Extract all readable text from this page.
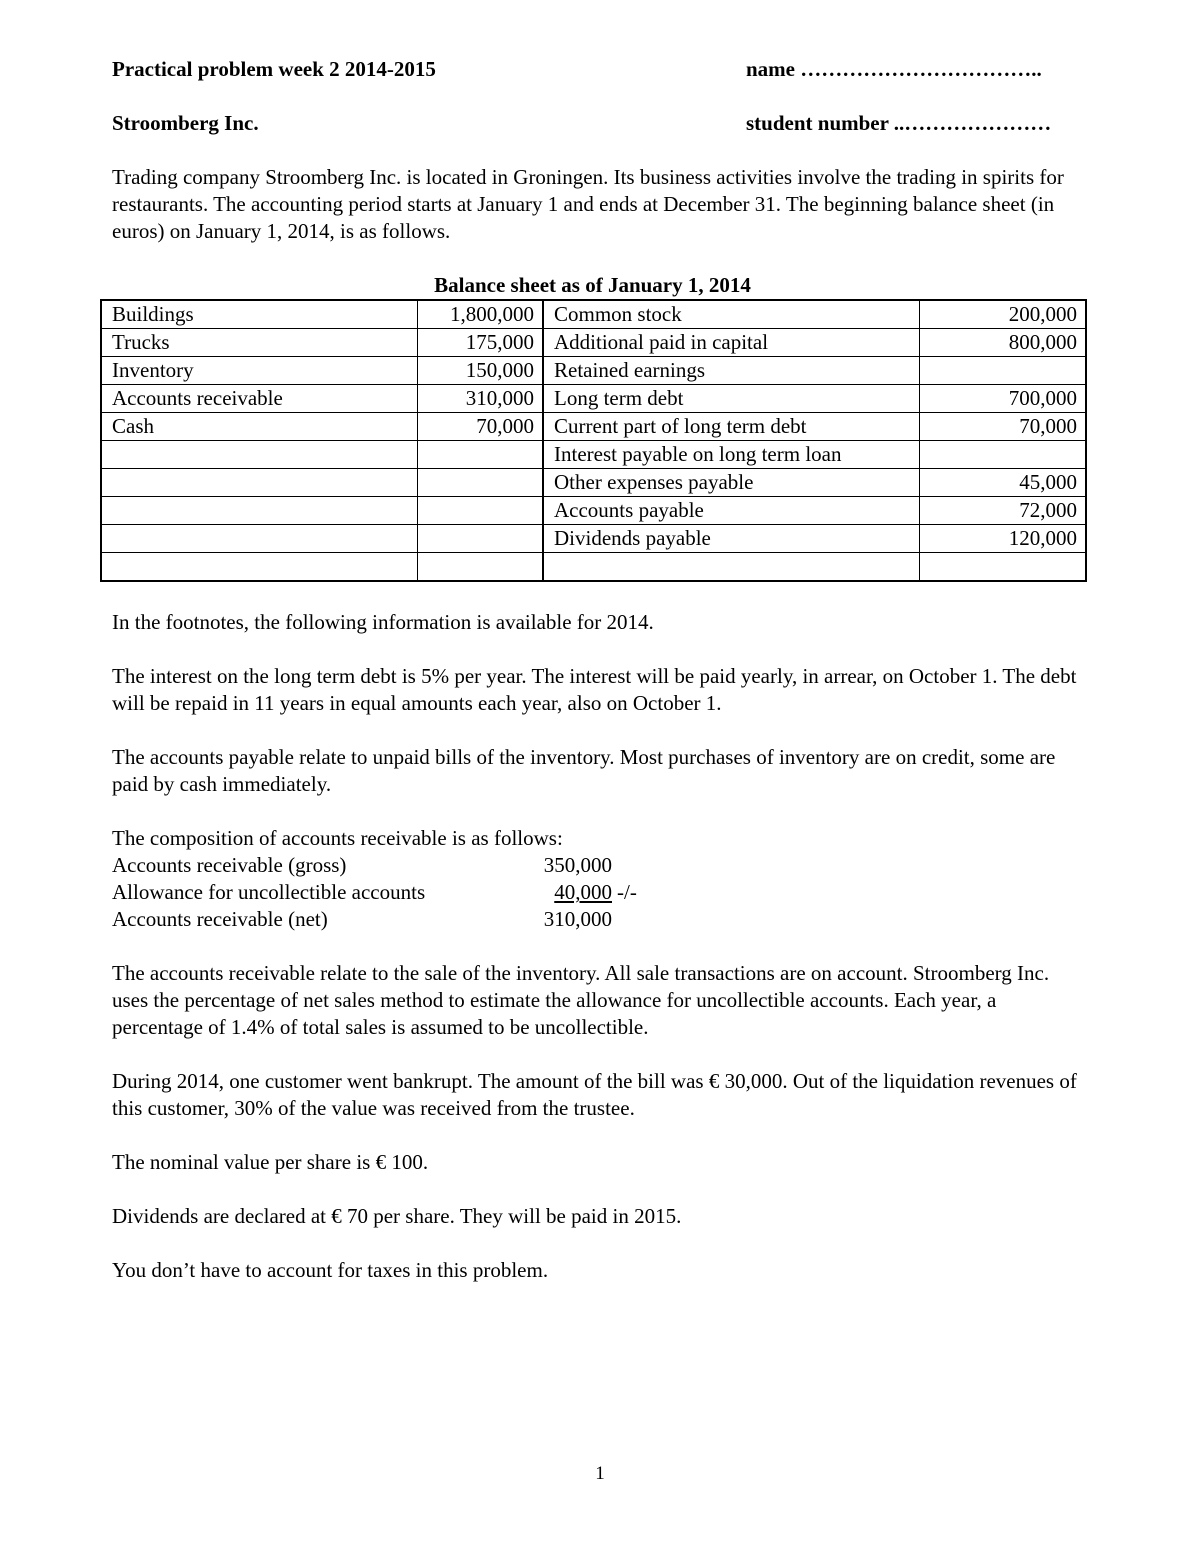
Practical problem week 2 2014-2015	name ……………………………..
Stroomberg Inc.	student number ..…………………

Trading company Stroomberg Inc. is located in Groningen. Its business activities involve the trading in spirits for restaurants. The accounting period starts at January 1 and ends at December 31. The beginning balance sheet (in euros) on January 1, 2014, is as follows.

Balance sheet as of January 1, 2014
Buildings	1,800,000	Common stock	200,000
Trucks	175,000	Additional paid in capital	800,000
Inventory	150,000	Retained earnings	
Accounts receivable	310,000	Long term debt	700,000
Cash	70,000	Current part of long term debt	70,000
		Interest payable on long term loan	
		Other expenses payable	45,000
		Accounts payable	72,000
		Dividends payable	120,000

In the footnotes, the following information is available for 2014.

The interest on the long term debt is 5% per year. The interest will be paid yearly, in arrear, on October 1. The debt will be repaid in 11 years in equal amounts each year, also on October 1.

The accounts payable relate to unpaid bills of the inventory. Most purchases of inventory are on credit, some are paid by cash immediately.

The composition of accounts receivable is as follows:

Accounts receivable (gross)	350,000
Allowance for uncollectible accounts	40,000 -/-
Accounts receivable (net)	310,000

The accounts receivable relate to the sale of the inventory. All sale transactions are on account. Stroomberg Inc. uses the percentage of net sales method to estimate the allowance for uncollectible accounts. Each year, a percentage of 1.4% of total sales is assumed to be uncollectible.

During 2014, one customer went bankrupt. The amount of the bill was € 30,000. Out of the liquidation revenues of this customer, 30% of the value was received from the trustee.

The nominal value per share is € 100.

Dividends are declared at € 70 per share. They will be paid in 2015.

You don’t have to account for taxes in this problem.

1
